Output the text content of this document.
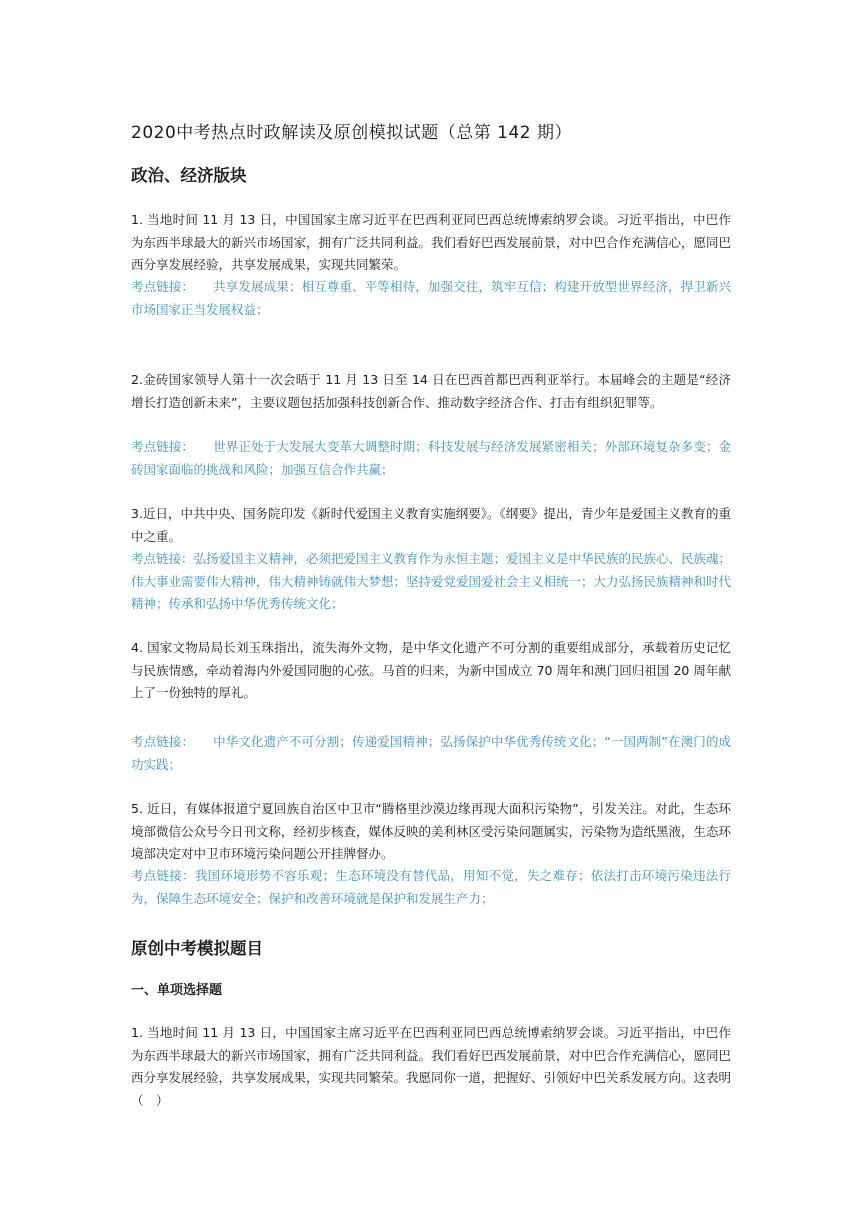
2020中考热点时政解读及原创模拟试题（总第 142 期）
政治、经济版块
1. 当地时间 11 月 13 日，中国国家主席习近平在巴西利亚同巴西总统博索纳罗会谈。习近平指出，中巴作为东西半球最大的新兴市场国家，拥有广泛共同利益。我们看好巴西发展前景，对中巴合作充满信心，愿同巴西分享发展经验，共享发展成果，实现共同繁荣。
考点链接：　　共享发展成果；相互尊重、平等相待，加强交往，筑牢互信；构建开放型世界经济，捍卫新兴市场国家正当发展权益；
2.金砖国家领导人第十一次会晤于 11 月 13 日至 14 日在巴西首都巴西利亚举行。本届峰会的主题是“经济增长打造创新未来”，主要议题包括加强科技创新合作、推动数字经济合作、打击有组织犯罪等。
考点链接：　　世界正处于大发展大变革大调整时期；科技发展与经济发展紧密相关；外部环境复杂多变；金砖国家面临的挑战和风险；加强互信合作共赢；
3.近日，中共中央、国务院印发《新时代爱国主义教育实施纲要》。《纲要》提出，青少年是爱国主义教育的重中之重。
考点链接：弘扬爱国主义精神，必须把爱国主义教育作为永恒主题；爱国主义是中华民族的民族心、民族魂；伟大事业需要伟大精神，伟大精神铸就伟大梦想；坚持爱党爱国爱社会主义相统一；大力弘扬民族精神和时代精神；传承和弘扬中华优秀传统文化；
4. 国家文物局局长刘玉珠指出，流失海外文物，是中华文化遗产不可分割的重要组成部分，承载着历史记忆与民族情感，牵动着海内外爱国同胞的心弦。马首的归来，为新中国成立 70 周年和澳门回归祖国 20 周年献上了一份独特的厚礼。
考点链接：　　中华文化遗产不可分割；传递爱国精神；弘扬保护中华优秀传统文化；“一国两制”在澳门的成功实践；
5. 近日，有媒体报道宁夏回族自治区中卫市“腾格里沙漠边缘再现大面积污染物”，引发关注。对此，生态环境部微信公众号今日刊文称，经初步核查，媒体反映的美利林区受污染问题属实，污染物为造纸黑液，生态环境部决定对中卫市环境污染问题公开挂牌督办。
考点链接：我国环境形势不容乐观；生态环境没有替代品，用知不觉，失之难存；依法打击环境污染违法行为，保障生态环境安全；保护和改善环境就是保护和发展生产力；
原创中考模拟题目
一、单项选择题
1. 当地时间 11 月 13 日，中国国家主席习近平在巴西利亚同巴西总统博索纳罗会谈。习近平指出，中巴作为东西半球最大的新兴市场国家，拥有广泛共同利益。我们看好巴西发展前景，对中巴合作充满信心，愿同巴西分享发展经验，共享发展成果，实现共同繁荣。我愿同你一道，把握好、引领好中巴关系发展方向。这表明（　）
